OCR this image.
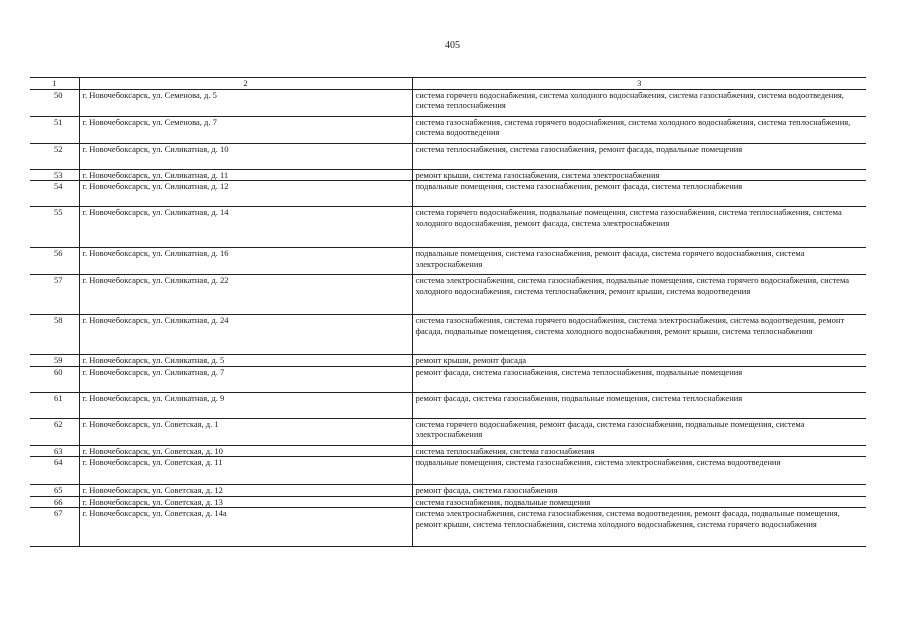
405
1	2	3
50	г. Новочебоксарск, ул. Семенова, д. 5	система горячего водоснабжения, система холодного водоснабжения, система газоснабжения, система водоотведения, система теплоснабжения
51	г. Новочебоксарск, ул. Семенова, д. 7	система газоснабжения, система горячего водоснабжения, система холодного водоснабжения, система теплоснабжения, система водоотведения
52	г. Новочебоксарск, ул. Силикатная, д. 10	система теплоснабжения, система газоснабжения, ремонт фасада, подвальные помещения
53	г. Новочебоксарск, ул. Силикатная, д. 11	ремонт крыши, система газоснабжения, система электроснабжения
54	г. Новочебоксарск, ул. Силикатная, д. 12	подвальные помещения, система газоснабжения, ремонт фасада, система теплоснабжения
55	г. Новочебоксарск, ул. Силикатная, д. 14	система горячего водоснабжения, подвальные помещения, система газоснабжения, система теплоснабжения, система холодного водоснабжения, ремонт фасада, система электроснабжения
56	г. Новочебоксарск, ул. Силикатная, д. 16	подвальные помещения, система газоснабжения, ремонт фасада, система горячего водоснабжения, система электроснабжения
57	г. Новочебоксарск, ул. Силикатная, д. 22	система электроснабжения, система газоснабжения, подвальные помещения, система горячего водоснабжения, система холодного водоснабжения, система теплоснабжения, ремонт крыши, система водоотведения
58	г. Новочебоксарск, ул. Силикатная, д. 24	система газоснабжения, система горячего водоснабжения, система электроснабжения, система водоотведения, ремонт фасада, подвальные помещения, система холодного водоснабжения, ремонт крыши, система теплоснабжения
59	г. Новочебоксарск, ул. Силикатная, д. 5	ремонт крыши, ремонт фасада
60	г. Новочебоксарск, ул. Силикатная, д. 7	ремонт фасада, система газоснабжения, система теплоснабжения, подвальные помещения
61	г. Новочебоксарск, ул. Силикатная, д. 9	ремонт фасада, система газоснабжения, подвальные помещения, система теплоснабжения
62	г. Новочебоксарск, ул. Советская, д. 1	система горячего водоснабжения, ремонт фасада, система газоснабжения, подвальные помещения, система электроснабжения
63	г. Новочебоксарск, ул. Советская, д. 10	система теплоснабжения, система газоснабжения
64	г. Новочебоксарск, ул. Советская, д. 11	подвальные помещения, система газоснабжения, система электроснабжения, система водоотведения
65	г. Новочебоксарск, ул. Советская, д. 12	ремонт фасада, система газоснабжения
66	г. Новочебоксарск, ул. Советская, д. 13	система газоснабжения, подвальные помещения
67	г. Новочебоксарск, ул. Советская, д. 14а	система электроснабжения, система газоснабжения, система водоотведения, ремонт фасада, подвальные помещения, ремонт крыши, система теплоснабжения, система холодного водоснабжения, система горячего водоснабжения
